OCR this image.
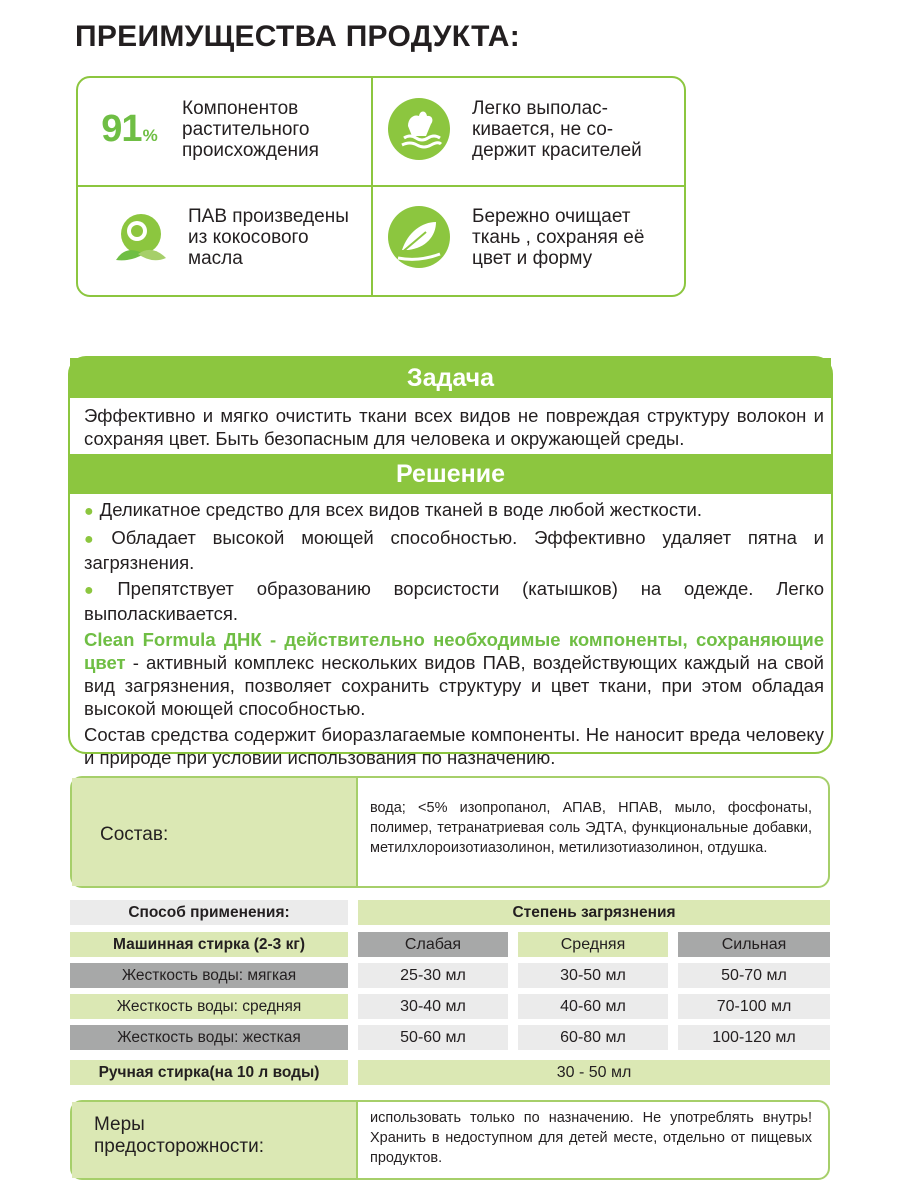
ПРЕИМУЩЕСТВА ПРОДУКТА:
91 %
Компонентов
растительного
происхождения
Легко выполас-
кивается, не со-
держит красителей
ПАВ произведены
из кокосового
масла
Бережно очищает
ткань , сохраняя её
цвет и форму
Задача
Эффективно и мягко очистить ткани всех видов не повреждая структуру волокон и сохраняя цвет. Быть безопасным для человека и окружающей среды.
Решение

● Деликатное средство для всех видов тканей в воде любой жесткости.

● Обладает высокой моющей способностью. Эффективно удаляет пятна и загрязнения.

● Препятствует образованию ворсистости (катышков) на одежде. Легко выполаскивается.

Clean Formula ДНК - действительно необходимые компоненты, сохраняющие цвет - активный комплекс нескольких видов ПАВ, воздействующих каждый на свой вид загрязнения, позволяет сохранить структуру и цвет ткани, при этом обладая высокой моющей способностью.

Состав средства содержит биоразлагаемые компоненты. Не наносит вреда человеку и природе при условии использования по назначению.

Состав:
вода; <5% изопропанол, АПАВ, НПАВ, мыло, фосфонаты, полимер, тетранатриевая соль ЭДТА, функциональные добавки, метилхлороизотиазолинон, метилизотиазолинон, отдушка.
Способ применения:	Степень загрязнения
Машинная стирка (2-3 кг)	Слабая	Средняя	Сильная
Жесткость воды: мягкая	25-30 мл	30-50 мл	50-70 мл
Жесткость воды: средняя	30-40 мл	40-60 мл	70-100 мл
Жесткость воды: жесткая	50-60 мл	60-80 мл	100-120 мл
Ручная стирка(на 10 л воды)	30 - 50 мл
Меры
предосторожности:
использовать только по назначению. Не употреблять внутрь! Хранить в недоступном для детей месте, отдельно от пищевых продуктов.
